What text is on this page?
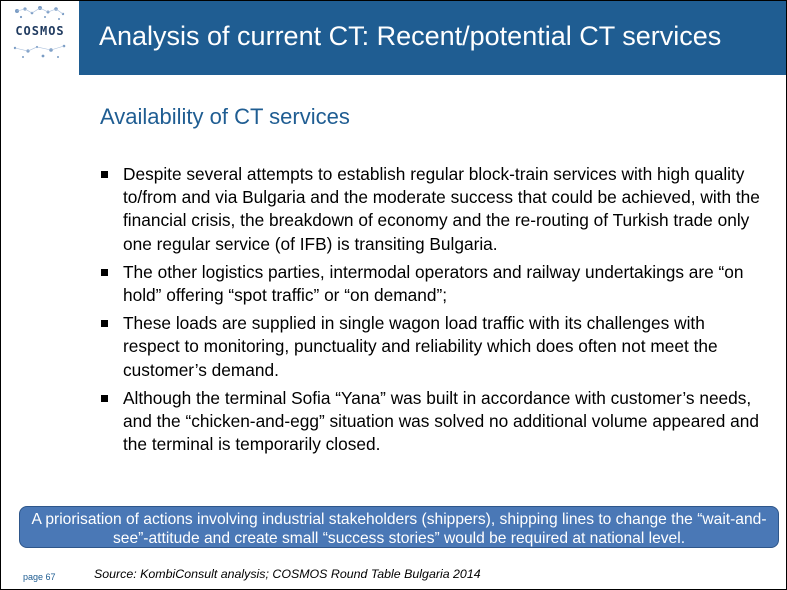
COSMOS	Analysis of current CT: Recent/potential CT services
Availability of CT services
Despite several attempts to establish regular block-train services with high quality to/from and via Bulgaria and the moderate success that could be achieved, with the financial crisis, the breakdown of economy and the re-routing of Turkish trade only one regular service (of IFB) is transiting Bulgaria.
The other logistics parties, intermodal operators and railway undertakings are “on hold” offering “spot traffic” or “on demand”;
These loads are supplied in single wagon load traffic with its challenges with respect to monitoring, punctuality and reliability which does often not meet the customer’s demand.
Although the terminal Sofia “Yana” was built in accordance with customer’s needs, and the “chicken-and-egg” situation was solved no additional volume appeared and the terminal is temporarily closed.
A priorisation of actions involving industrial stakeholders (shippers), shipping lines to change the “wait-and-see”-attitude and create small “success stories” would be required at national level.
page 67	Source: KombiConsult analysis; COSMOS Round Table Bulgaria 2014
